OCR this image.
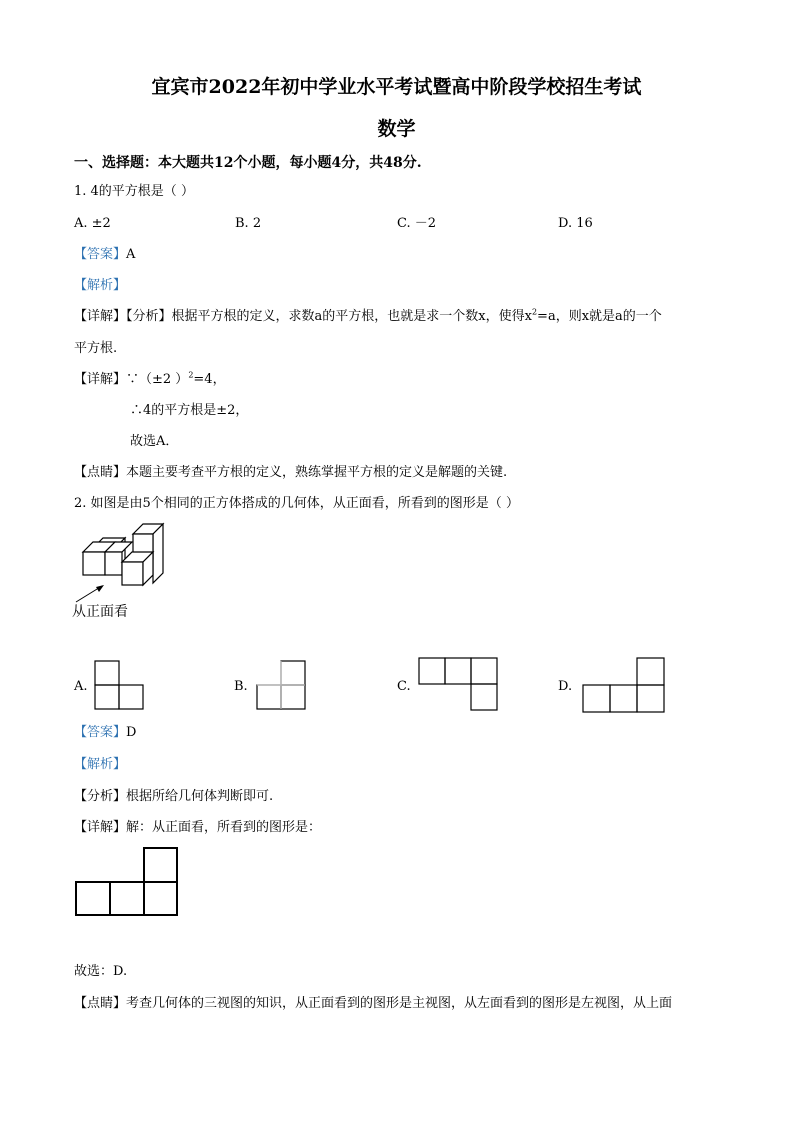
宜宾市2022年初中学业水平考试暨高中阶段学校招生考试
数学
一、选择题：本大题共12个小题，每小题4分，共48分.
1. 4的平方根是（ ）
A. ±2	B. 2	C. －2	D. 16
【答案】A
【解析】
【详解】【分析】根据平方根的定义，求数a的平方根，也就是求一个数x，使得$x^2=a$，则x就是a的一个
平方根.
【详解】∵（±2 ）$^2$=4，
∴4的平方根是±2，
故选A．
【点睛】本题主要考查平方根的定义，熟练掌握平方根的定义是解题的关键.
2. 如图是由5个相同的正方体搭成的几何体，从正面看，所看到的图形是（ ）
从正面看
A.	B.	C.	D.
【答案】D
【解析】
【分析】根据所给几何体判断即可.
【详解】解：从正面看，所看到的图形是：
故选：D.
【点睛】考查几何体的三视图的知识，从正面看到的图形是主视图，从左面看到的图形是左视图，从上面
